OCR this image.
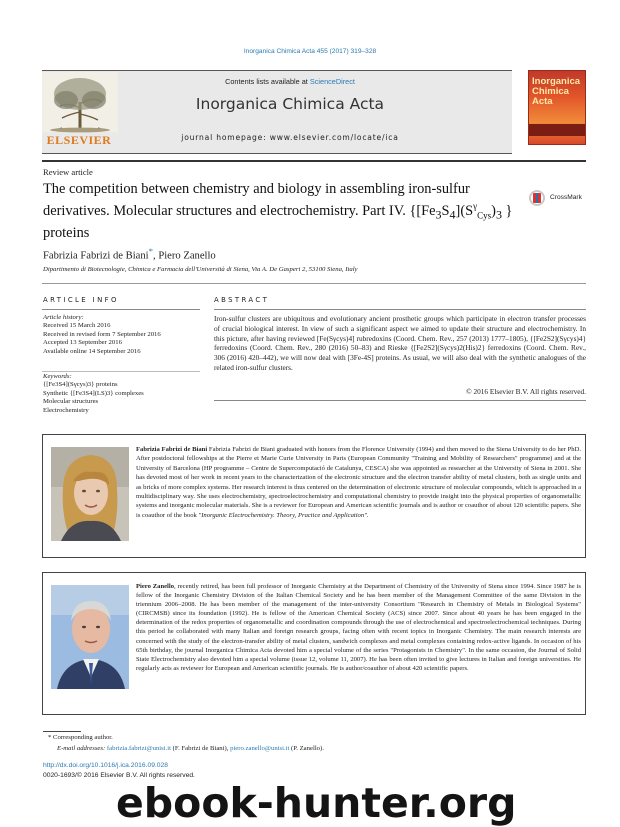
Inorganica Chimica Acta 455 (2017) 319–328
ELSEVIER
Contents lists available at ScienceDirect
Inorganica Chimica Acta
journal homepage: www.elsevier.com/locate/ica
Inorganica Chimica Acta
Review article
The competition between chemistry and biology in assembling iron-sulfur derivatives. Molecular structures and electrochemistry. Part IV. {$[Fe_3S_4](S^\gamma_{Cys})_3$ } proteins
CrossMark
Fabrizia Fabrizi de Biani*, Piero Zanello
Dipartimento di Biotecnologie, Chimica e Farmacia dell'Università di Siena, Via A. De Gasperi 2, 53100 Siena, Italy
ARTICLE INFO	ABSTRACT
Article history:
Received 15 March 2016
Received in revised form 7 September 2016
Accepted 13 September 2016
Available online 14 September 2016
Keywords:
{[Fe3S4](Sγcys)3} proteins
Synthetic {[Fe3S4](LS)3} complexes
Molecular structures
Electrochemistry
Iron-sulfur clusters are ubiquitous and evolutionary ancient prosthetic groups which participate in electron transfer processes of crucial biological interest. In view of such a significant aspect we aimed to update their structure and electrochemistry. In this picture, after having reviewed [Fe(Sγcys)4] rubredoxins (Coord. Chem. Rev., 257 (2013) 1777–1805), {[Fe2S2](Sγcys)4} ferredoxins (Coord. Chem. Rev., 280 (2016) 50–83) and Rieske {[Fe2S2](Sγcys)2(His)2} ferredoxins (Coord. Chem. Rev., 306 (2016) 420–442), we will now deal with [3Fe-4S] proteins. As usual, we will also deal with the synthetic analogues of the related iron-sulfur clusters.
© 2016 Elsevier B.V. All rights reserved.
Fabrizia Fabrizi de Biani Fabrizia Fabrizi de Biani graduated with honors from the Florence University (1994) and then moved to the Siena University to do her PhD. After postdoctoral fellowships at the Pierre et Marie Curie University in Paris (European Community "Training and Mobility of Researchers" programme) and at the University of Barcelona (HP programme – Centre de Supercomputació de Catalunya, CESCA) she was appointed as researcher at the University of Siena in 2001. She has devoted most of her work in recent years to the characterization of the electronic structure and the electron transfer ability of metal clusters, both as single units and as bricks of more complex systems. Her research interest is thus centered on the determination of electronic structure of molecular compounds, which is approached in a multidisciplinary way. She uses electrochemistry, spectroelectrochemistry and computational chemistry to provide insight into the physical properties of organometallic systems and inorganic molecular materials. She is a reviewer for European and American scientific journals and is author or coauthor of about 120 scientific papers. She is coauthor of the book "Inorganic Electrochemistry. Theory, Practice and Application".
Piero Zanello, recently retired, has been full professor of Inorganic Chemistry at the Department of Chemistry of the University of Siena since 1994. Since 1987 he is fellow of the Inorganic Chemistry Division of the Italian Chemical Society and he has been member of the Management Committee of the same Division in the triennium 2006–2008. He has been member of the management of the inter-university Consortium "Research in Chemistry of Metals in Biological Systems" (CIRCMSB) since its foundation (1992). He is fellow of the American Chemical Society (ACS) since 2007. Since about 40 years he has been engaged in the determination of the redox properties of organometallic and coordination compounds through the use of electrochemical and spectroelectrochemical techniques. During this period he collaborated with many Italian and foreign research groups, facing often with recent topics in Inorganic Chemistry. The main research interests are concerned with the study of the electron-transfer ability of metal clusters, sandwich complexes and metal complexes containing redox-active ligands. In occasion of his 65th birthday, the journal Inorganica Chimica Acta devoted him a special volume of the series "Protagonists in Chemistry". In the same occasion, the Journal of Solid State Electrochemistry also devoted him a special volume (issue 12, volume 11, 2007). He has been often invited to give lectures in Italian and foreign universities. He regularly acts as reviewer for European and American scientific journals. He is author/coauthor of about 420 scientific papers.
* Corresponding author.
E-mail addresses: fabrizia.fabrizi@unisi.it (F. Fabrizi de Biani), piero.zanello@unisi.it (P. Zanello).
http://dx.doi.org/10.1016/j.ica.2016.09.028
0020-1693/© 2016 Elsevier B.V. All rights reserved.
ebook-hunter.org
